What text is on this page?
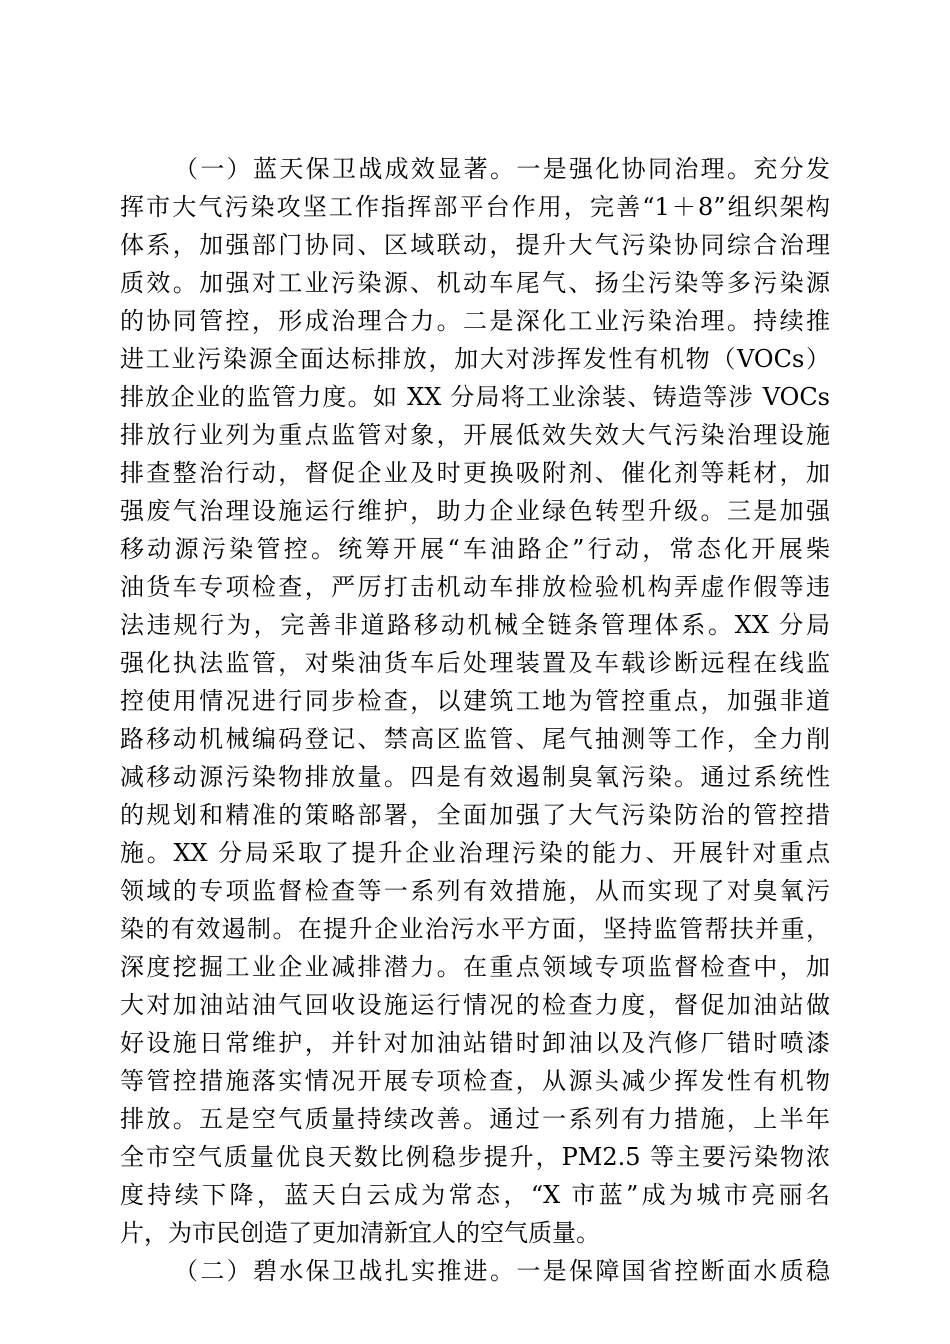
（一）蓝天保卫战成效显著。一是强化协同治理。充分发
挥市大气污染攻坚工作指挥部平台作用，完善“1＋8”组织架构
体系，加强部门协同、区域联动，提升大气污染协同综合治理
质效。加强对工业污染源、机动车尾气、扬尘污染等多污染源
的协同管控，形成治理合力。二是深化工业污染治理。持续推
进工业污染源全面达标排放，加大对涉挥发性有机物（VOCs）
排放企业的监管力度。如 XX 分局将工业涂装、铸造等涉 VOCs
排放行业列为重点监管对象，开展低效失效大气污染治理设施
排查整治行动，督促企业及时更换吸附剂、催化剂等耗材，加
强废气治理设施运行维护，助力企业绿色转型升级。三是加强
移动源污染管控。统筹开展“车油路企”行动，常态化开展柴
油货车专项检查，严厉打击机动车排放检验机构弄虚作假等违
法违规行为，完善非道路移动机械全链条管理体系。XX 分局
强化执法监管，对柴油货车后处理装置及车载诊断远程在线监
控使用情况进行同步检查，以建筑工地为管控重点，加强非道
路移动机械编码登记、禁高区监管、尾气抽测等工作，全力削
减移动源污染物排放量。四是有效遏制臭氧污染。通过系统性
的规划和精准的策略部署，全面加强了大气污染防治的管控措
施。XX 分局采取了提升企业治理污染的能力、开展针对重点
领域的专项监督检查等一系列有效措施，从而实现了对臭氧污
染的有效遏制。在提升企业治污水平方面，坚持监管帮扶并重，
深度挖掘工业企业减排潜力。在重点领域专项监督检查中，加
大对加油站油气回收设施运行情况的检查力度，督促加油站做
好设施日常维护，并针对加油站错时卸油以及汽修厂错时喷漆
等管控措施落实情况开展专项检查，从源头减少挥发性有机物
排放。五是空气质量持续改善。通过一系列有力措施，上半年
全市空气质量优良天数比例稳步提升，PM2.5 等主要污染物浓
度持续下降，蓝天白云成为常态，“X 市蓝”成为城市亮丽名
片，为市民创造了更加清新宜人的空气质量。
（二）碧水保卫战扎实推进。一是保障国省控断面水质稳
